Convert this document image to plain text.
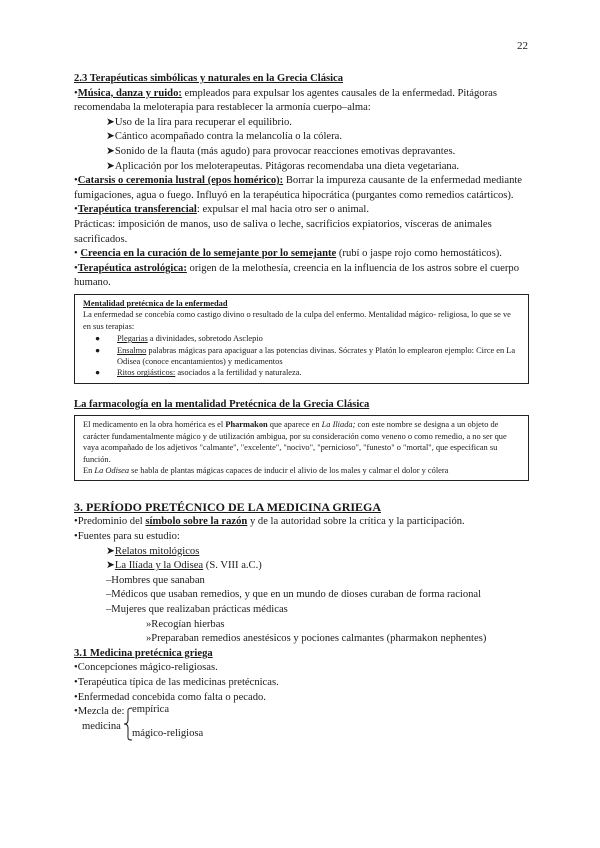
22

2.3 Terapéuticas simbólicas y naturales en la Grecia Clásica

•Música, danza y ruido: empleados para expulsar los agentes causales de la enfermedad. Pitágoras recomendaba la meloterapia para restablecer la armonía cuerpo–alma:

➤Uso de la lira para recuperar el equilibrio.

➤Cántico acompañado contra la melancolía o la cólera.

➤Sonido de la flauta (más agudo) para provocar reacciones emotivas depravantes.

➤Aplicación por los meloterapeutas. Pitágoras recomendaba una dieta vegetariana.

•Catarsis o ceremonia lustral (epos homérico): Borrar la impureza causante de la enfermedad mediante fumigaciones, agua o fuego. Influyó en la terapéutica hipocrática (purgantes como remedios catárticos).

•Terapéutica transferencial: expulsar el mal hacia otro ser o animal.

Prácticas: imposición de manos, uso de saliva o leche, sacrificios expiatorios, vísceras de animales sacrificados.

• Creencia en la curación de lo semejante por lo semejante (rubí o jaspe rojo como hemostáticos).

•Terapéutica astrológica: origen de la melothesía, creencia en la influencia de los astros sobre el cuerpo humano.

Mentalidad pretécnica de la enfermedad
La enfermedad se concebía como castigo divino o resultado de la culpa del enfermo. Mentalidad mágico- religiosa, lo que se ve en sus terapias:
● Plegarias a divinidades, sobretodo Asclepio
● Ensalmo palabras mágicas para apaciguar a las potencias divinas. Sócrates y Platón lo emplearon ejemplo: Circe en La Odisea (conoce encantamientos) y medicamentos
● Ritos orgiásticos: asociados a la fertilidad y naturaleza.

La farmacología en la mentalidad Pretécnica de la Grecia Clásica

El medicamento en la obra homérica es el Pharmakon que aparece en La Iliada; con este nombre se designa a un objeto de carácter fundamentalmente mágico y de utilización ambigua, por su consideración como veneno o como remedio, a no ser que vaya acompañado de los adjetivos "calmante", "excelente", "nocivo", "pernicioso", "funesto" o "mortal", que especifican su función.
En La Odisea se habla de plantas mágicas capaces de inducir el alivio de los males y calmar el dolor y cólera

3. PERÍODO PRETÉCNICO DE LA MEDICINA GRIEGA

•Predominio del símbolo sobre la razón y de la autoridad sobre la crítica y la participación.

•Fuentes para su estudio:

➤Relatos mitológicos

➤La Ilíada y la Odisea (S. VIII a.C.)

–Hombres que sanaban

–Médicos que usaban remedios, y que en un mundo de dioses curaban de forma racional

–Mujeres que realizaban prácticas médicas

»Recogían hierbas

»Preparaban remedios anestésicos y pociones calmantes (pharmakon nephentes)

3.1 Medicina pretécnica griega

•Concepciones mágico-religiosas.

•Terapéutica típica de las medicinas pretécnicas.

•Enfermedad concebida como falta o pecado.

•Mezcla de:
medicina
empírica
mágico-religiosa
